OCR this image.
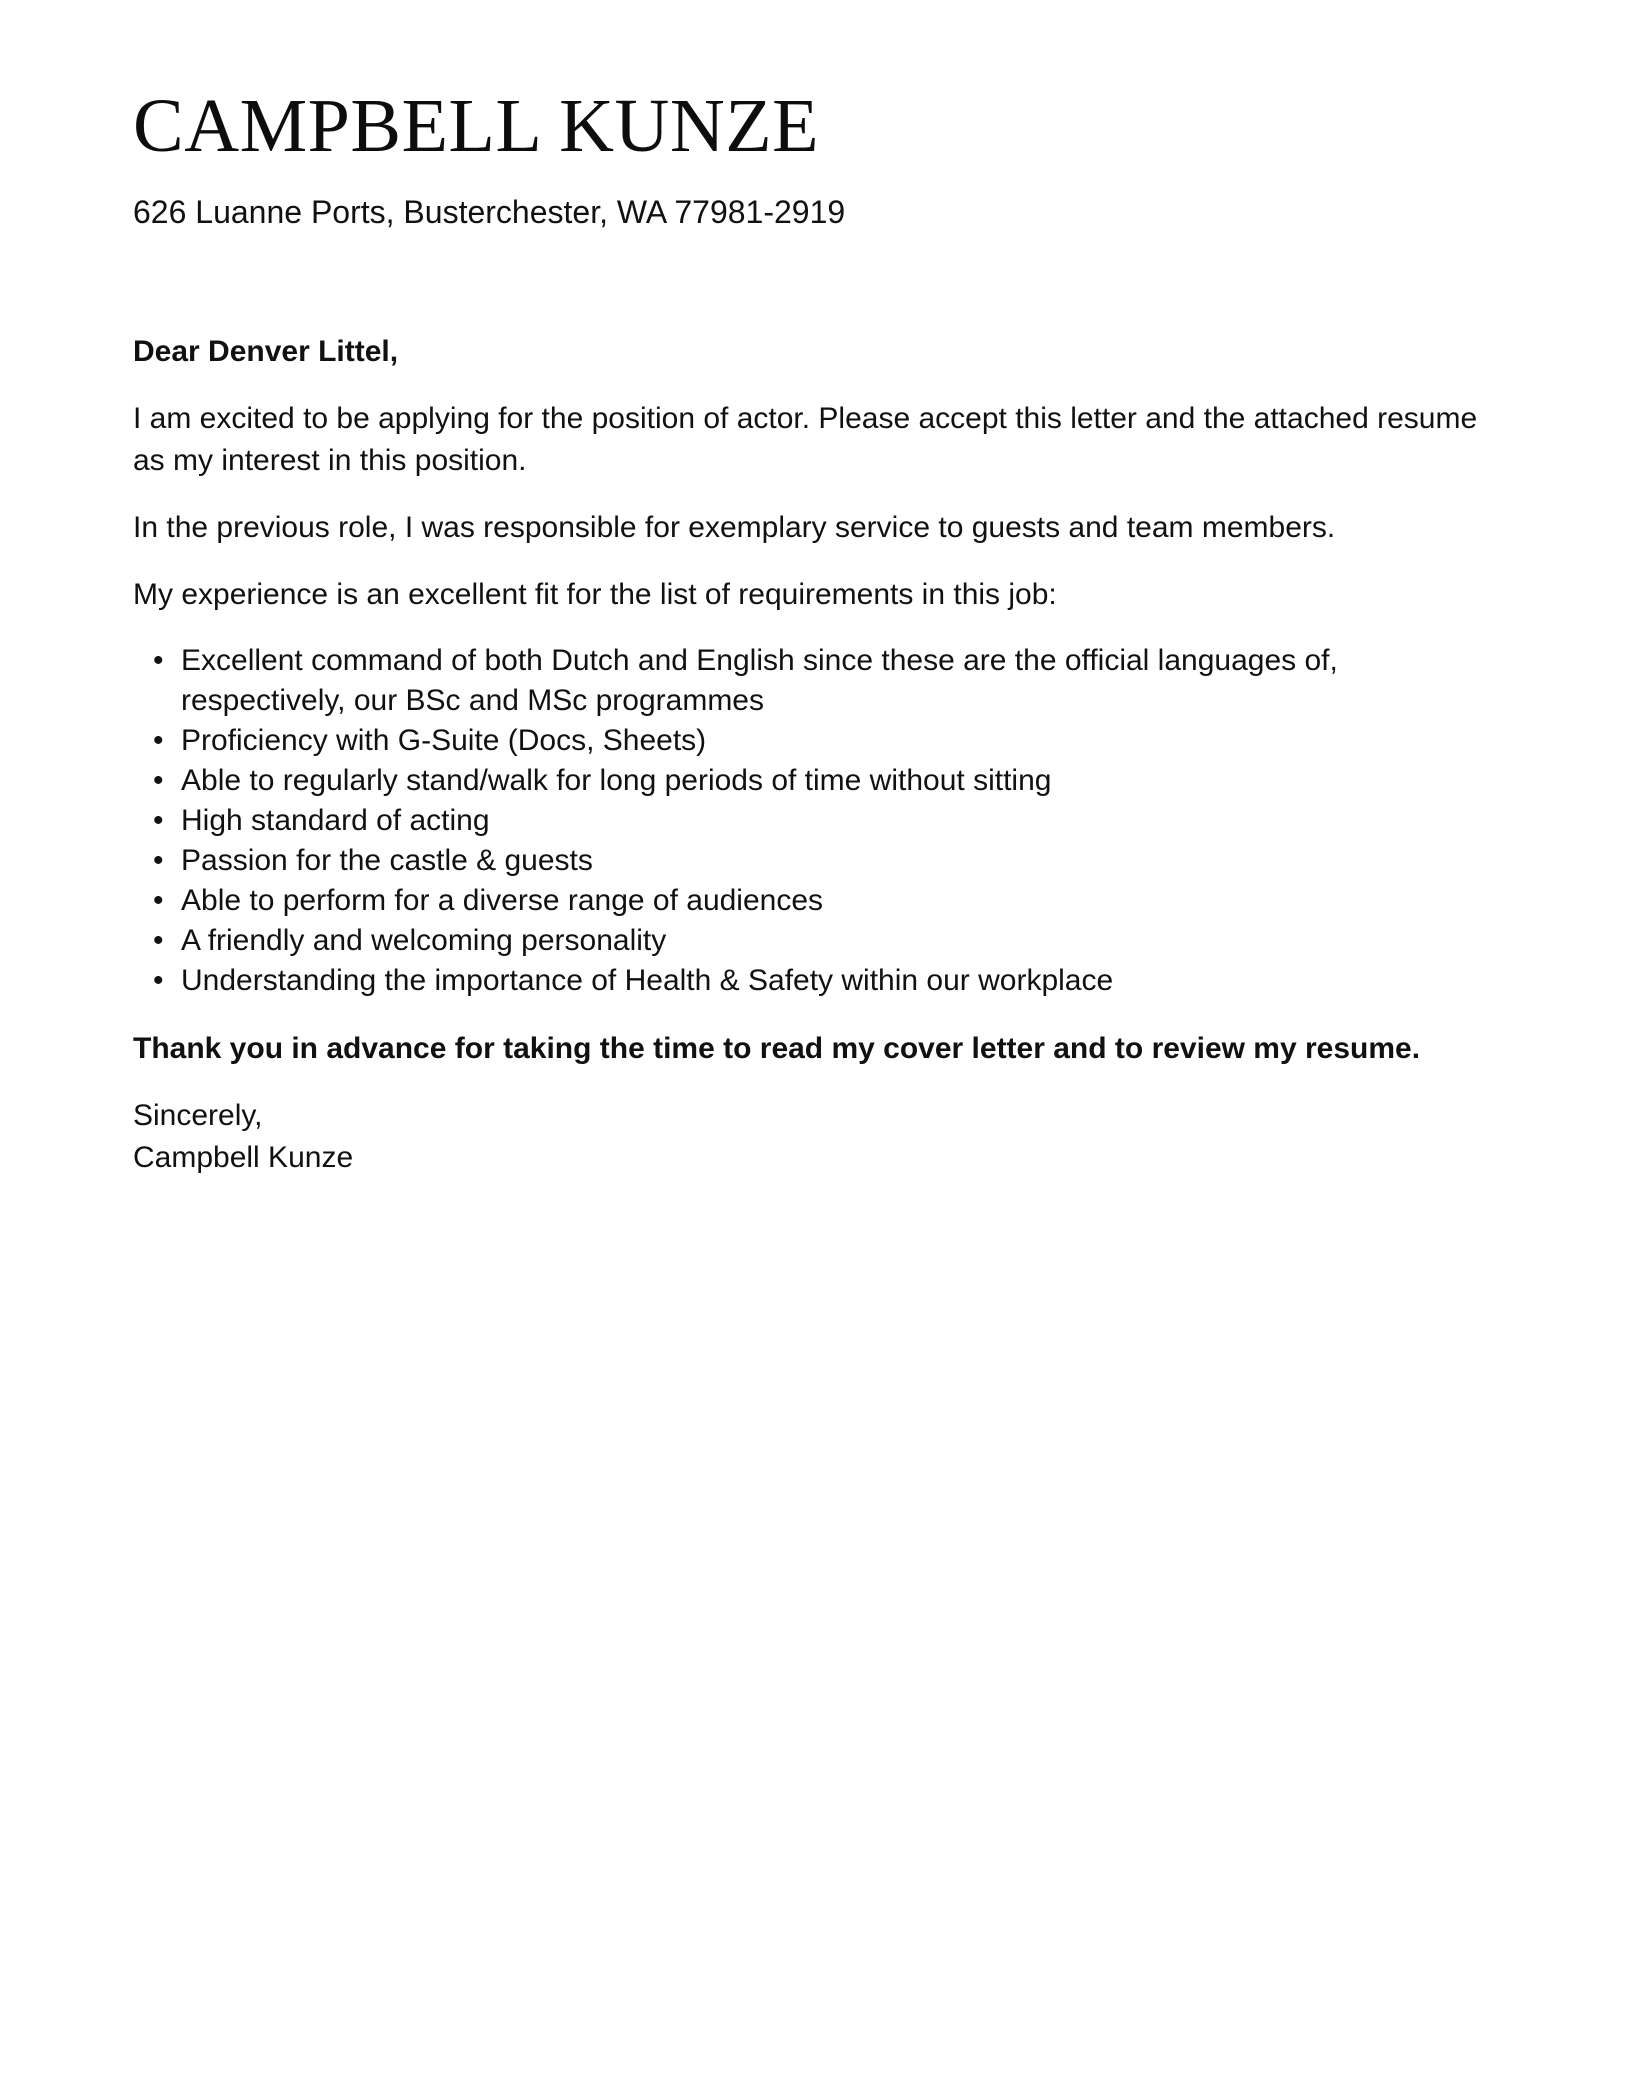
CAMPBELL KUNZE
626 Luanne Ports, Busterchester, WA 77981-2919

Dear Denver Littel,

I am excited to be applying for the position of actor. Please accept this letter and the attached resume as my interest in this position.

In the previous role, I was responsible for exemplary service to guests and team members.

My experience is an excellent fit for the list of requirements in this job:

• Excellent command of both Dutch and English since these are the official languages of, respectively, our BSc and MSc programmes
• Proficiency with G-Suite (Docs, Sheets)
• Able to regularly stand/walk for long periods of time without sitting
• High standard of acting
• Passion for the castle & guests
• Able to perform for a diverse range of audiences
• A friendly and welcoming personality
• Understanding the importance of Health & Safety within our workplace

Thank you in advance for taking the time to read my cover letter and to review my resume.

Sincerely,
Campbell Kunze
